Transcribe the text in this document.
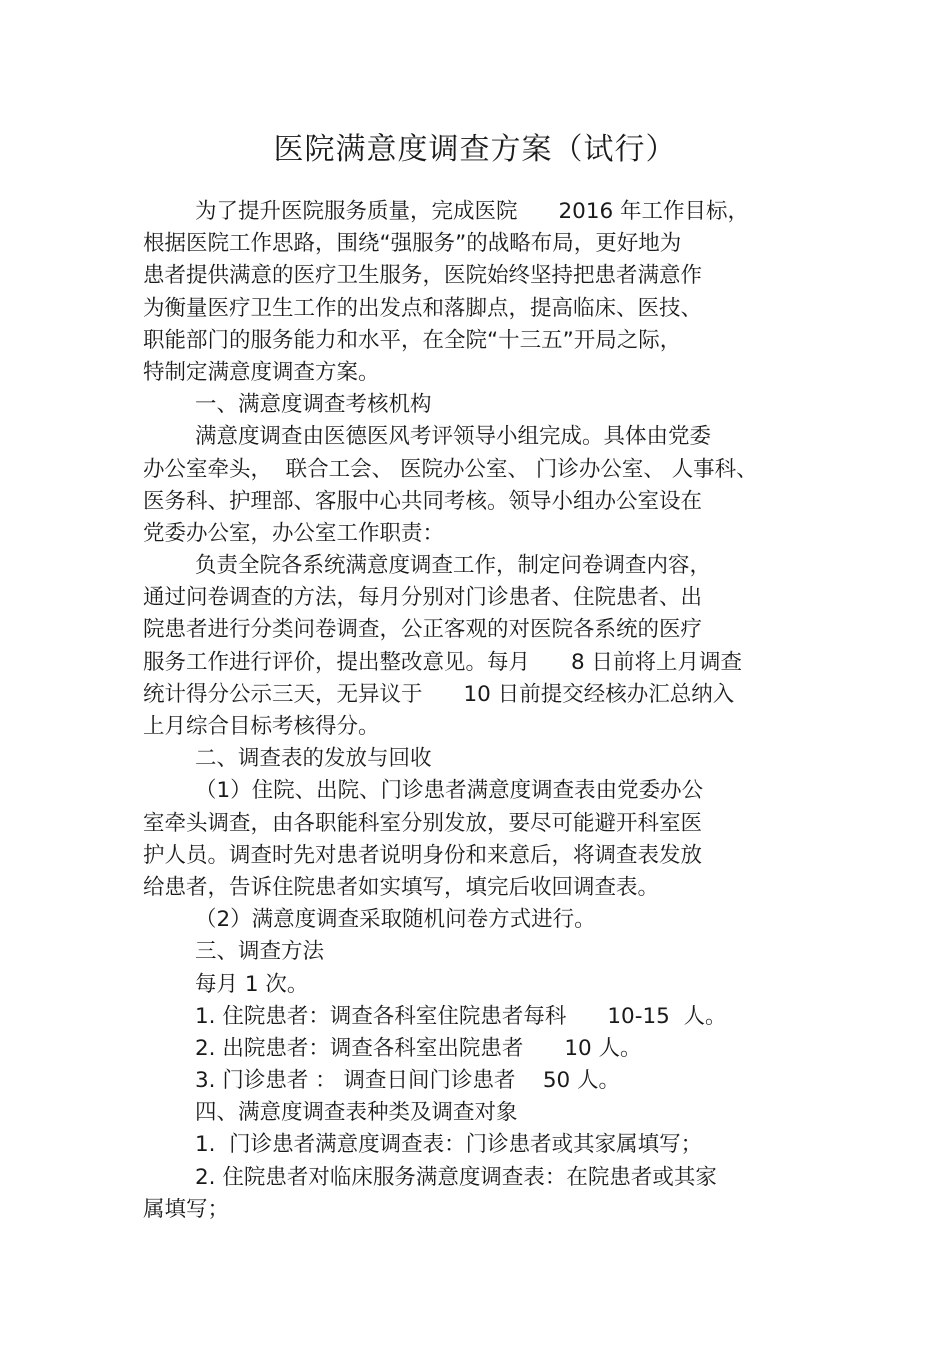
医院满意度调查方案（试行）
为了提升医院服务质量，完成医院      2016 年工作目标，
根据医院工作思路，围绕“强服务”的战略布局，更好地为
患者提供满意的医疗卫生服务，医院始终坚持把患者满意作
为衡量医疗卫生工作的出发点和落脚点，提高临床、医技、
职能部门的服务能力和水平，在全院“十三五”开局之际，
特制定满意度调查方案。
一、满意度调查考核机构
满意度调查由医德医风考评领导小组完成。具体由党委
办公室牵头，  联合工会、 医院办公室、 门诊办公室、 人事科、
医务科、护理部、客服中心共同考核。领导小组办公室设在
党委办公室，办公室工作职责：
负责全院各系统满意度调查工作，制定问卷调查内容，
通过问卷调查的方法，每月分别对门诊患者、住院患者、出
院患者进行分类问卷调查，公正客观的对医院各系统的医疗
服务工作进行评价，提出整改意见。每月      8 日前将上月调查
统计得分公示三天，无异议于      10 日前提交经核办汇总纳入
上月综合目标考核得分。
二、调查表的发放与回收
（1）住院、出院、门诊患者满意度调查表由党委办公
室牵头调查，由各职能科室分别发放，要尽可能避开科室医
护人员。调查时先对患者说明身份和来意后，将调查表发放
给患者，告诉住院患者如实填写，填完后收回调查表。
（2）满意度调查采取随机问卷方式进行。
三、调查方法
每月 1 次。
1. 住院患者：调查各科室住院患者每科      10-15  人。
2. 出院患者：调查各科室出院患者      10 人。
3. 门诊患者 ： 调查日间门诊患者    50 人。
四、满意度调查表种类及调查对象
1.  门诊患者满意度调查表：门诊患者或其家属填写；
2. 住院患者对临床服务满意度调查表：在院患者或其家
属填写；
